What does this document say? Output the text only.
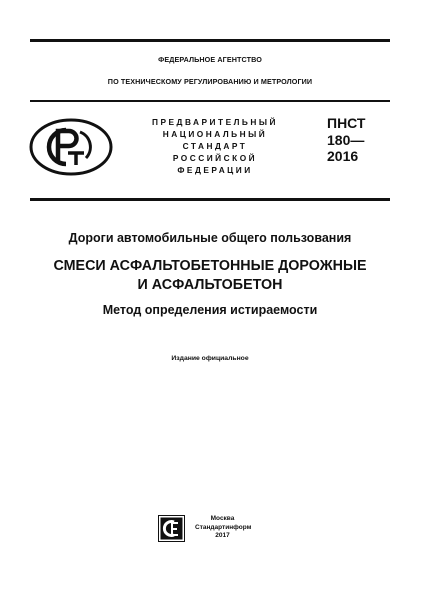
ФЕДЕРАЛЬНОЕ АГЕНТСТВО
ПО ТЕХНИЧЕСКОМУ РЕГУЛИРОВАНИЮ И МЕТРОЛОГИИ
ПРЕДВАРИТЕЛЬНЫЙ
НАЦИОНАЛЬНЫЙ
СТАНДАРТ
РОССИЙСКОЙ
ФЕДЕРАЦИИ
ПНСТ
180—
2016
Дороги автомобильные общего пользования
СМЕСИ АСФАЛЬТОБЕТОННЫЕ ДОРОЖНЫЕ
И АСФАЛЬТОБЕТОН
Метод определения истираемости
Издание официальное
Москва
Стандартинформ
2017
